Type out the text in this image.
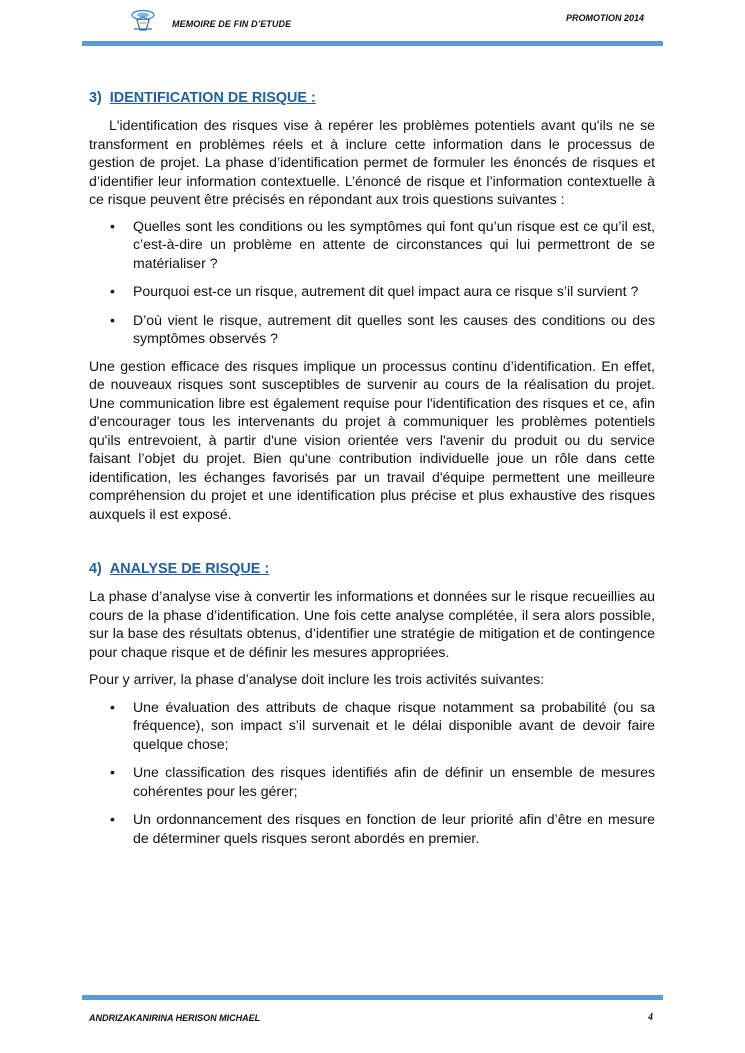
MEMOIRE DE FIN D’ETUDE
PROMOTION 2014
3) IDENTIFICATION DE RISQUE :

L'identification des risques vise à repérer les problèmes potentiels avant qu'ils ne se transforment en problèmes réels et à inclure cette information dans le processus de gestion de projet. La phase d’identification permet de formuler les énoncés de risques et d’identifier leur information contextuelle. L’énoncé de risque et l’information contextuelle à ce risque peuvent être précisés en répondant aux trois questions suivantes :

• Quelles sont les conditions ou les symptômes qui font qu’un risque est ce qu’il est, c’est-à-dire un problème en attente de circonstances qui lui permettront de se matérialiser ?
• Pourquoi est-ce un risque, autrement dit quel impact aura ce risque s’il survient ?
• D’où vient le risque, autrement dit quelles sont les causes des conditions ou des symptômes observés ?

Une gestion efficace des risques implique un processus continu d’identification. En effet, de nouveaux risques sont susceptibles de survenir au cours de la réalisation du projet. Une communication libre est également requise pour l'identification des risques et ce, afin d'encourager tous les intervenants du projet à communiquer les problèmes potentiels qu'ils entrevoient, à partir d'une vision orientée vers l'avenir du produit ou du service faisant l’objet du projet. Bien qu'une contribution individuelle joue un rôle dans cette identification, les échanges favorisés par un travail d'équipe permettent une meilleure compréhension du projet et une identification plus précise et plus exhaustive des risques auxquels il est exposé.

4) ANALYSE DE RISQUE :

La phase d’analyse vise à convertir les informations et données sur le risque recueillies au cours de la phase d’identification. Une fois cette analyse complétée, il sera alors possible, sur la base des résultats obtenus, d’identifier une stratégie de mitigation et de contingence pour chaque risque et de définir les mesures appropriées.

Pour y arriver, la phase d’analyse doit inclure les trois activités suivantes:

• Une évaluation des attributs de chaque risque notamment sa probabilité (ou sa fréquence), son impact s’il survenait et le délai disponible avant de devoir faire quelque chose;
• Une classification des risques identifiés afin de définir un ensemble de mesures cohérentes pour les gérer;
• Un ordonnancement des risques en fonction de leur priorité afin d’être en mesure de déterminer quels risques seront abordés en premier.
ANDRIZAKANIRINA HERISON MICHAEL	4
